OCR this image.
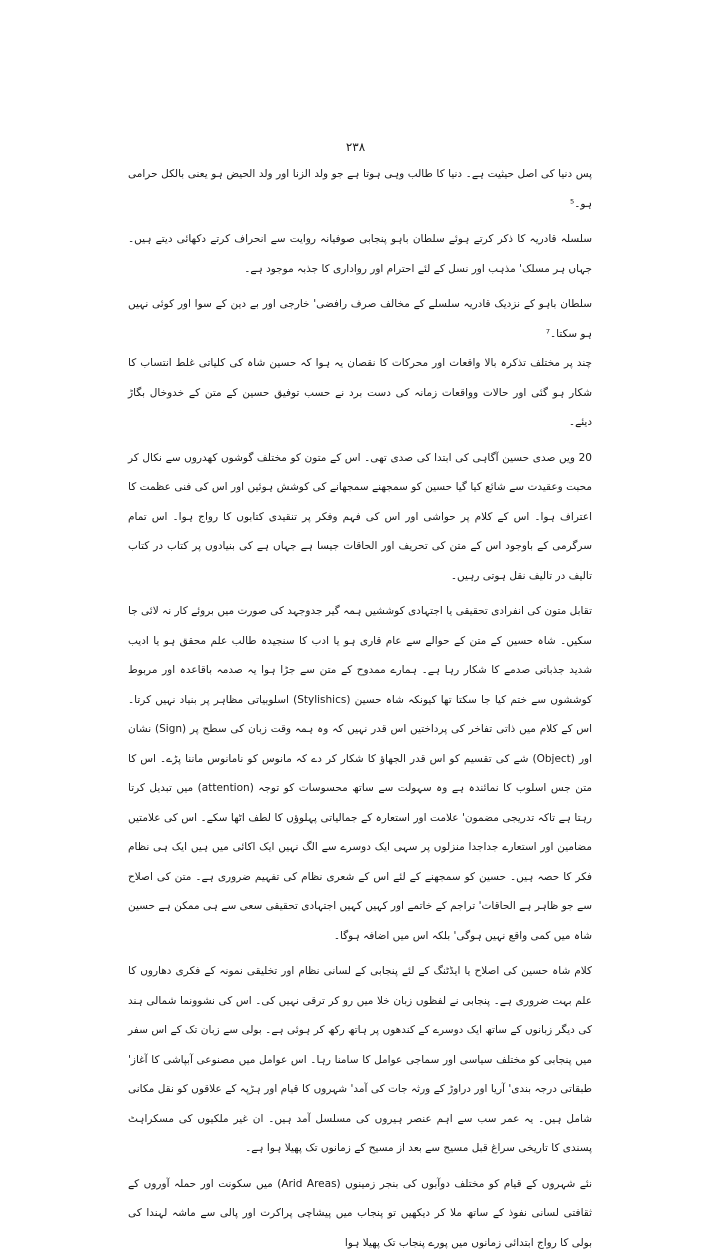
۲۳۸

پس دنیا کی اصل حیثیت ہے۔ دنیا کا طالب وہی ہوتا ہے جو ولد الزنا اور ولد الحیض ہو یعنی بالکل حرامی ہو۔⁵

سلسلہ قادریہ کا ذکر کرتے ہوئے سلطان باہو پنجابی صوفیانہ روایت سے انحراف کرتے دکھائی دیتے ہیں۔ جہاں ہر مسلک' مذہب اور نسل کے لئے احترام اور رواداری کا جذبہ موجود ہے۔

سلطان باہو کے نزدیک قادریہ سلسلے کے مخالف صرف رافضی' خارجی اور بے دین کے سوا اور کوئی نہیں ہو سکتا۔⁷

چند پر مختلف تذکرہ بالا واقعات اور محرکات کا نقصان یہ ہوا کہ حسین شاہ کی کلیاتی غلط انتساب کا شکار ہو گئی اور حالات وواقعات زمانہ کی دست برد نے حسب توفیق حسین کے متن کے خدوخال بگاڑ دیئے۔

20 ویں صدی حسین آگاہی کی ابتدا کی صدی تھی۔ اس کے متون کو مختلف گوشوں کھدروں سے نکال کر محبت وعقیدت سے شائع کیا گیا حسین کو سمجھنے سمجھانے کی کوشش ہوئیں اور اس کی فنی عظمت کا اعتراف ہوا۔ اس کے کلام پر حواشی اور اس کی فہم وفکر پر تنقیدی کتابوں کا رواج ہوا۔ اس تمام سرگرمی کے باوجود اس کے متن کی تحریف اور الحاقات جیسا ہے جہاں ہے کی بنیادوں پر کتاب در کتاب تالیف در تالیف نقل ہوتی رہیں۔

تقابل متون کی انفرادی تحقیقی یا اجتہادی کوششیں ہمہ گیر جدوجہد کی صورت میں بروئے کار نہ لائی جا سکیں۔ شاہ حسین کے متن کے حوالے سے عام قاری ہو یا ادب کا سنجیدہ طالب علم محقق ہو یا ادیب شدید جذباتی صدمے کا شکار رہا ہے۔ ہمارے ممدوح کے متن سے جڑا ہوا یہ صدمہ باقاعدہ اور مربوط کوششوں سے ختم کیا جا سکتا تھا کیونکہ شاہ حسین (Stylishics) اسلوبیاتی مظاہر پر بنیاد نہیں کرتا۔ اس کے کلام میں ذاتی تفاخر کی پرداختیں اس قدر نہیں کہ وہ ہمہ وقت زبان کی سطح پر (Sign) نشان اور (Object) شے کی تقسیم کو اس قدر الجھاؤ کا شکار کر دے کہ مانوس کو نامانوس ماننا پڑے۔ اس کا متن جس اسلوب کا نمائندہ ہے وہ سہولت سے ساتھ محسوسات کو توجہ (attention) میں تبدیل کرتا رہتا ہے تاکہ تدریجی مضمون' علامت اور استعارہ کے جمالیاتی پہلوؤں کا لطف اٹھا سکے۔ اس کی علامتیں مضامین اور استعارے جداجدا منزلوں پر سہی ایک دوسرے سے الگ نہیں ایک اکائی میں ہیں ایک ہی نظام فکر کا حصہ ہیں۔ حسین کو سمجھنے کے لئے اس کے شعری نظام کی تفہیم ضروری ہے۔ متن کی اصلاح سے جو ظاہر ہے الحاقات' تراجم کے خاتمے اور کہیں کہیں اجتہادی تحقیقی سعی سے ہی ممکن ہے حسین شاہ میں کمی واقع نہیں ہوگی' بلکہ اس میں اضافہ ہوگا۔

کلام شاہ حسین کی اصلاح یا ایڈٹنگ کے لئے پنجابی کے لسانی نظام اور تخلیقی نمونہ کے فکری دھاروں کا علم بہت ضروری ہے۔ پنجابی نے لفظوں زبان خلا میں رو کر ترقی نہیں کی۔ اس کی نشوونما شمالی ہند کی دیگر زبانوں کے ساتھ ایک دوسرے کے کندھوں پر ہاتھ رکھ کر ہوئی ہے۔ بولی سے زبان تک کے اس سفر میں پنجابی کو مختلف سیاسی اور سماجی عوامل کا سامنا رہا۔ اس عوامل میں مصنوعی آبپاشی کا آغاز' طبقاتی درجہ بندی' آریا اور دراوڑ کے ورثہ جات کی آمد' شہروں کا قیام اور ہڑپہ کے علاقوں کو نقل مکانی شامل ہیں۔ یہ عمر سب سے اہم عنصر ہیروں کی مسلسل آمد ہیں۔ ان غیر ملکیوں کی مسکراہٹ پسندی کا تاریخی سراغ قبل مسیح سے بعد از مسیح کے زمانوں تک پھیلا ہوا ہے۔

نئے شہروں کے قیام کو مختلف دوآبوں کی بنجر زمینوں (Arid Areas) میں سکونت اور حملہ آوروں کے ثقافتی لسانی نفوذ کے ساتھ ملا کر دیکھیں تو پنجاب میں پیشاچی پراکرت اور پالی سے ماشہ لہندا کی بولی کا رواج ابتدائی زمانوں میں پورے پنجاب تک پھیلا ہوا
